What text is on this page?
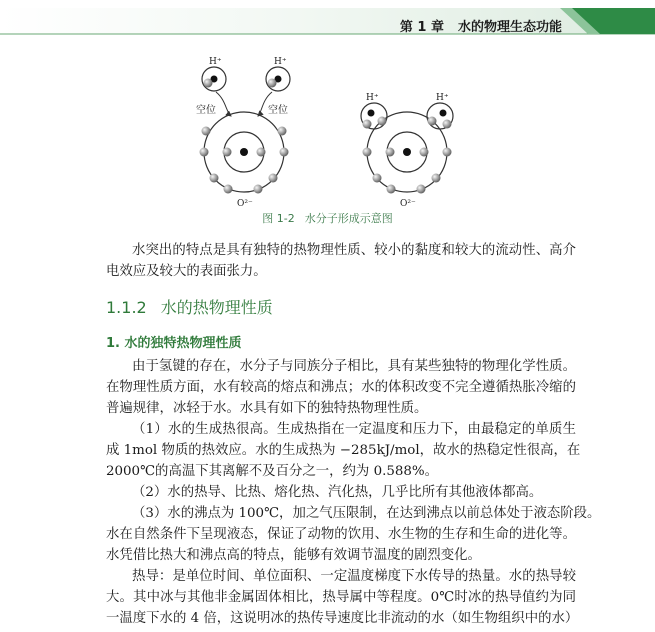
第 1 章 水的物理生态功能
H⁺	H⁺
空位	空位
O²⁻
H⁺	H⁺
O²⁻
图 1-2 水分子形成示意图
水突出的特点是具有独特的热物理性质、较小的黏度和较大的流动性、高介
电效应及较大的表面张力。
1.1.2 水的热物理性质
1. 水的独特热物理性质
由于氢键的存在，水分子与同族分子相比，具有某些独特的物理化学性质。
在物理性质方面，水有较高的熔点和沸点；水的体积改变不完全遵循热胀冷缩的
普遍规律，冰轻于水。水具有如下的独特热物理性质。
（1）水的生成热很高。生成热指在一定温度和压力下，由最稳定的单质生
成 1mol 物质的热效应。水的生成热为 −285kJ/mol，故水的热稳定性很高，在
2000℃的高温下其离解不及百分之一，约为 0.588%。
（2）水的热导、比热、熔化热、汽化热，几乎比所有其他液体都高。
（3）水的沸点为 100℃，加之气压限制，在达到沸点以前总体处于液态阶段。
水在自然条件下呈现液态，保证了动物的饮用、水生物的生存和生命的进化等。
水凭借比热大和沸点高的特点，能够有效调节温度的剧烈变化。
热导：是单位时间、单位面积、一定温度梯度下水传导的热量。水的热导较
大。其中冰与其他非金属固体相比，热导属中等程度。0℃时冰的热导值约为同
一温度下水的 4 倍，这说明冰的热传导速度比非流动的水（如生物组织中的水）
